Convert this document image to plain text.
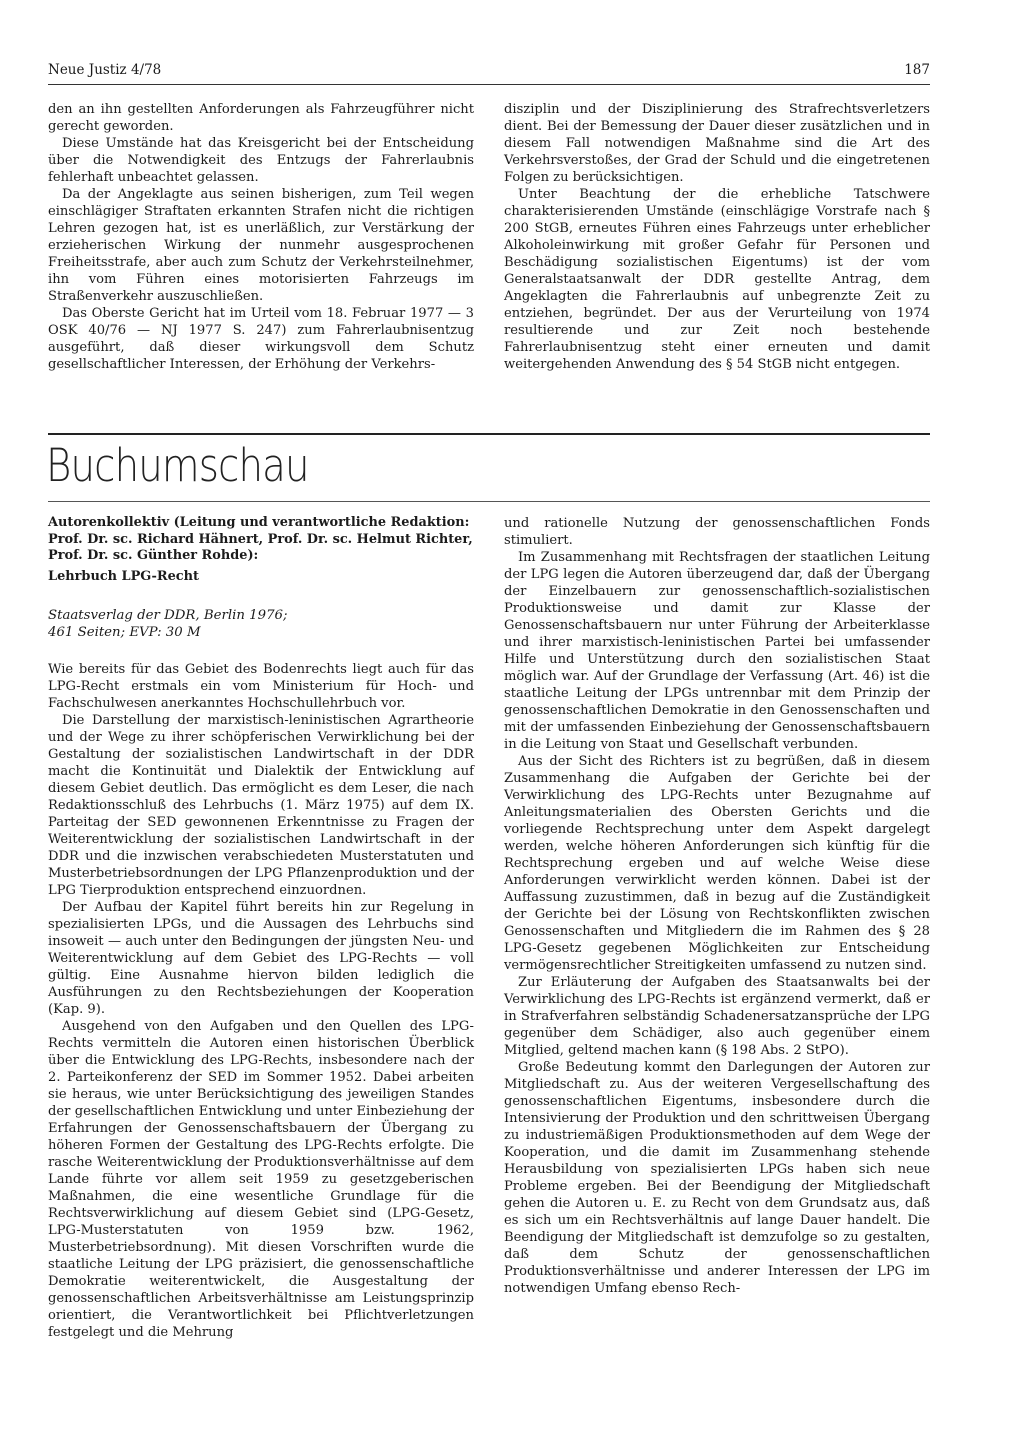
Neue Justiz 4/78	187

den an ihn gestellten Anforderungen als Fahrzeugführer nicht gerecht geworden.

Diese Umstände hat das Kreisgericht bei der Entscheidung über die Notwendigkeit des Entzugs der Fahrerlaubnis fehlerhaft unbeachtet gelassen.

Da der Angeklagte aus seinen bisherigen, zum Teil wegen einschlägiger Straftaten erkannten Strafen nicht die richtigen Lehren gezogen hat, ist es unerläßlich, zur Verstärkung der erzieherischen Wirkung der nunmehr ausgesprochenen Freiheitsstrafe, aber auch zum Schutz der Verkehrsteilnehmer, ihn vom Führen eines motorisierten Fahrzeugs im Straßenverkehr auszuschließen.

Das Oberste Gericht hat im Urteil vom 18. Februar 1977 — 3 OSK 40/76 — NJ 1977 S. 247) zum Fahrerlaubnisentzug ausgeführt, daß dieser wirkungsvoll dem Schutz gesellschaftlicher Interessen, der Erhöhung der Verkehrs-

disziplin und der Disziplinierung des Strafrechtsverletzers dient. Bei der Bemessung der Dauer dieser zusätzlichen und in diesem Fall notwendigen Maßnahme sind die Art des Verkehrsverstoßes, der Grad der Schuld und die eingetretenen Folgen zu berücksichtigen.

Unter Beachtung der die erhebliche Tatschwere charakterisierenden Umstände (einschlägige Vorstrafe nach § 200 StGB, erneutes Führen eines Fahrzeugs unter erheblicher Alkoholeinwirkung mit großer Gefahr für Personen und Beschädigung sozialistischen Eigentums) ist der vom Generalstaatsanwalt der DDR gestellte Antrag, dem Angeklagten die Fahrerlaubnis auf unbegrenzte Zeit zu entziehen, begründet. Der aus der Verurteilung von 1974 resultierende und zur Zeit noch bestehende Fahrerlaubnisentzug steht einer erneuten und damit weitergehenden Anwendung des § 54 StGB nicht entgegen.

Buchumschau

Autorenkollektiv (Leitung und verantwortliche Redaktion: Prof. Dr. sc. Richard Hähnert, Prof. Dr. sc. Helmut Richter, Prof. Dr. sc. Günther Rohde):

Lehrbuch LPG-Recht

Staatsverlag der DDR, Berlin 1976;
461 Seiten; EVP: 30 M

Wie bereits für das Gebiet des Bodenrechts liegt auch für das LPG-Recht erstmals ein vom Ministerium für Hoch- und Fachschulwesen anerkanntes Hochschullehrbuch vor.

Die Darstellung der marxistisch-leninistischen Agrartheorie und der Wege zu ihrer schöpferischen Verwirklichung bei der Gestaltung der sozialistischen Landwirtschaft in der DDR macht die Kontinuität und Dialektik der Entwicklung auf diesem Gebiet deutlich. Das ermöglicht es dem Leser, die nach Redaktionsschluß des Lehrbuchs (1. März 1975) auf dem IX. Parteitag der SED gewonnenen Erkenntnisse zu Fragen der Weiterentwicklung der sozialistischen Landwirtschaft in der DDR und die inzwischen verabschiedeten Musterstatuten und Musterbetriebsordnungen der LPG Pflanzenproduktion und der LPG Tierproduktion entsprechend einzuordnen.

Der Aufbau der Kapitel führt bereits hin zur Regelung in spezialisierten LPGs, und die Aussagen des Lehrbuchs sind insoweit — auch unter den Bedingungen der jüngsten Neu- und Weiterentwicklung auf dem Gebiet des LPG-Rechts — voll gültig. Eine Ausnahme hiervon bilden lediglich die Ausführungen zu den Rechtsbeziehungen der Kooperation (Kap. 9).

Ausgehend von den Aufgaben und den Quellen des LPG-Rechts vermitteln die Autoren einen historischen Überblick über die Entwicklung des LPG-Rechts, insbesondere nach der 2. Parteikonferenz der SED im Sommer 1952. Dabei arbeiten sie heraus, wie unter Berücksichtigung des jeweiligen Standes der gesellschaftlichen Entwicklung und unter Einbeziehung der Erfahrungen der Genossenschaftsbauern der Übergang zu höheren Formen der Gestaltung des LPG-Rechts erfolgte. Die rasche Weiterentwicklung der Produktionsverhältnisse auf dem Lande führte vor allem seit 1959 zu gesetzgeberischen Maßnahmen, die eine wesentliche Grundlage für die Rechtsverwirklichung auf diesem Gebiet sind (LPG-Gesetz, LPG-Musterstatuten von 1959 bzw. 1962, Musterbetriebsordnung). Mit diesen Vorschriften wurde die staatliche Leitung der LPG präzisiert, die genossenschaftliche Demokratie weiterentwickelt, die Ausgestaltung der genossenschaftlichen Arbeitsverhältnisse am Leistungsprinzip orientiert, die Verantwortlichkeit bei Pflichtverletzungen festgelegt und die Mehrung

und rationelle Nutzung der genossenschaftlichen Fonds stimuliert.

Im Zusammenhang mit Rechtsfragen der staatlichen Leitung der LPG legen die Autoren überzeugend dar, daß der Übergang der Einzelbauern zur genossenschaftlich-sozialistischen Produktionsweise und damit zur Klasse der Genossenschaftsbauern nur unter Führung der Arbeiterklasse und ihrer marxistisch-leninistischen Partei bei umfassender Hilfe und Unterstützung durch den sozialistischen Staat möglich war. Auf der Grundlage der Verfassung (Art. 46) ist die staatliche Leitung der LPGs untrennbar mit dem Prinzip der genossenschaftlichen Demokratie in den Genossenschaften und mit der umfassenden Einbeziehung der Genossenschaftsbauern in die Leitung von Staat und Gesellschaft verbunden.

Aus der Sicht des Richters ist zu begrüßen, daß in diesem Zusammenhang die Aufgaben der Gerichte bei der Verwirklichung des LPG-Rechts unter Bezugnahme auf Anleitungsmaterialien des Obersten Gerichts und die vorliegende Rechtsprechung unter dem Aspekt dargelegt werden, welche höheren Anforderungen sich künftig für die Rechtsprechung ergeben und auf welche Weise diese Anforderungen verwirklicht werden können. Dabei ist der Auffassung zuzustimmen, daß in bezug auf die Zuständigkeit der Gerichte bei der Lösung von Rechtskonflikten zwischen Genossenschaften und Mitgliedern die im Rahmen des § 28 LPG-Gesetz gegebenen Möglichkeiten zur Entscheidung vermögensrechtlicher Streitigkeiten umfassend zu nutzen sind.

Zur Erläuterung der Aufgaben des Staatsanwalts bei der Verwirklichung des LPG-Rechts ist ergänzend vermerkt, daß er in Strafverfahren selbständig Schadenersatzansprüche der LPG gegenüber dem Schädiger, also auch gegenüber einem Mitglied, geltend machen kann (§ 198 Abs. 2 StPO).

Große Bedeutung kommt den Darlegungen der Autoren zur Mitgliedschaft zu. Aus der weiteren Vergesellschaftung des genossenschaftlichen Eigentums, insbesondere durch die Intensivierung der Produktion und den schrittweisen Übergang zu industriemäßigen Produktionsmethoden auf dem Wege der Kooperation, und die damit im Zusammenhang stehende Herausbildung von spezialisierten LPGs haben sich neue Probleme ergeben. Bei der Beendigung der Mitgliedschaft gehen die Autoren u. E. zu Recht von dem Grundsatz aus, daß es sich um ein Rechtsverhältnis auf lange Dauer handelt. Die Beendigung der Mitgliedschaft ist demzufolge so zu gestalten, daß dem Schutz der genossenschaftlichen Produktionsverhältnisse und anderer Interessen der LPG im notwendigen Umfang ebenso Rech-
